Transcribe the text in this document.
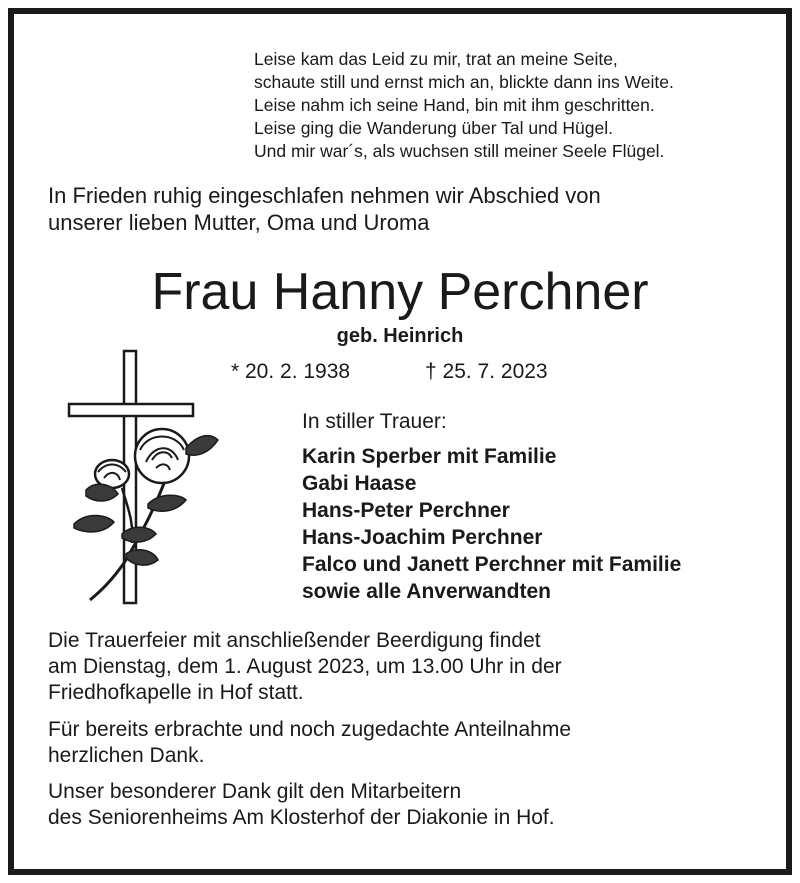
Leise kam das Leid zu mir, trat an meine Seite,
schaute still und ernst mich an, blickte dann ins Weite.
Leise nahm ich seine Hand, bin mit ihm geschritten.
Leise ging die Wanderung über Tal und Hügel.
Und mir war´s, als wuchsen still meiner Seele Flügel.
In Frieden ruhig eingeschlafen nehmen wir Abschied von
unserer lieben Mutter, Oma und Uroma
Frau Hanny Perchner
geb. Heinrich
* 20. 2. 1938	† 25. 7. 2023
In stiller Trauer:
Karin Sperber mit Familie
Gabi Haase
Hans-Peter Perchner
Hans-Joachim Perchner
Falco und Janett Perchner mit Familie
sowie alle Anverwandten
Die Trauerfeier mit anschließender Beerdigung findet
am Dienstag, dem 1. August 2023, um 13.00 Uhr in der
Friedhofkapelle in Hof statt.
Für bereits erbrachte und noch zugedachte Anteilnahme
herzlichen Dank.
Unser besonderer Dank gilt den Mitarbeitern
des Seniorenheims Am Klosterhof der Diakonie in Hof.
